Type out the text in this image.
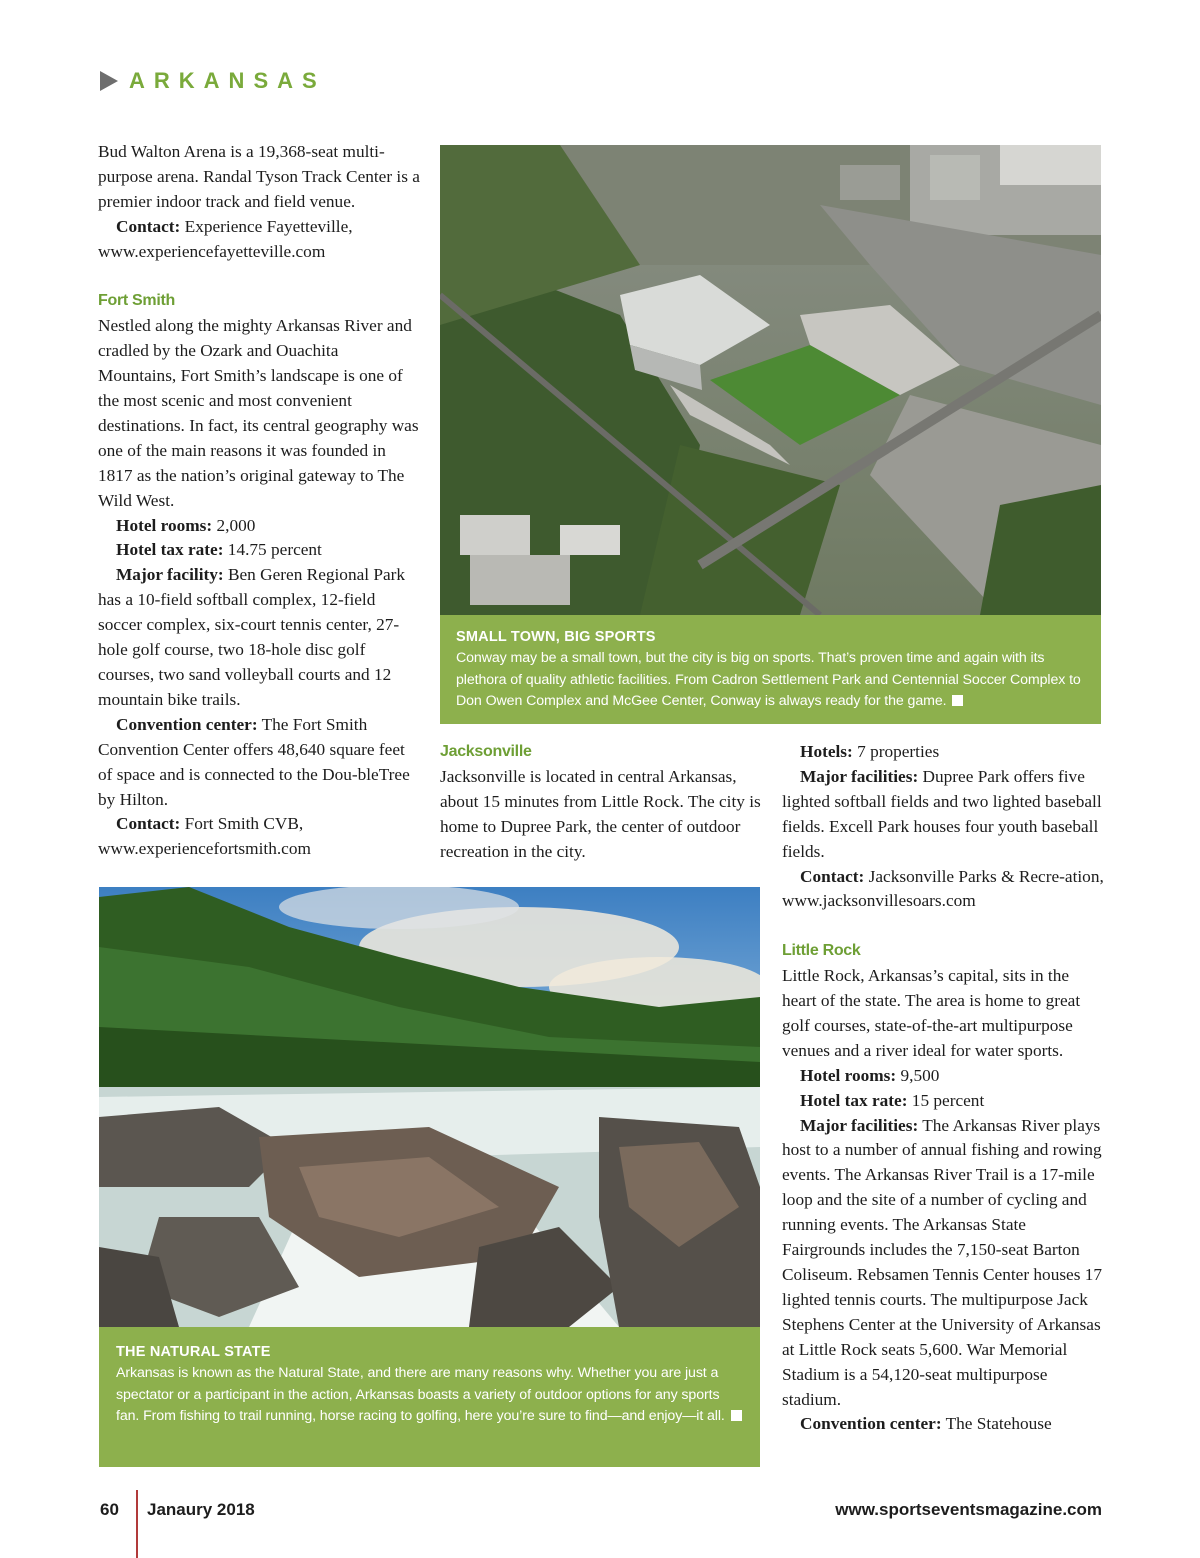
ARKANSAS

Bud Walton Arena is a 19,368-seat multi-purpose arena. Randal Tyson Track Center is a premier indoor track and field venue.

Contact: Experience Fayetteville, www.experiencefayetteville.com

Fort Smith

Nestled along the mighty Arkansas River and cradled by the Ozark and Ouachita Mountains, Fort Smith’s landscape is one of the most scenic and most convenient destinations. In fact, its central geography was one of the main reasons it was founded in 1817 as the nation’s original gateway to The Wild West.

Hotel rooms: 2,000

Hotel tax rate: 14.75 percent

Major facility: Ben Geren Regional Park has a 10-field softball complex, 12-field soccer complex, six-court tennis center, 27-hole golf course, two 18-hole disc golf courses, two sand volleyball courts and 12 mountain bike trails.

Convention center: The Fort Smith Convention Center offers 48,640 square feet of space and is connected to the Dou-bleTree by Hilton.

Contact: Fort Smith CVB, www.experiencefortsmith.com

SMALL TOWN, BIG SPORTS
Conway may be a small town, but the city is big on sports. That’s proven time and again with its plethora of quality athletic facilities. From Cadron Settlement Park and Centennial Soccer Complex to Don Owen Complex and McGee Center, Conway is always ready for the game.
Jacksonville

Jacksonville is located in central Arkansas, about 15 minutes from Little Rock. The city is home to Dupree Park, the center of outdoor recreation in the city.

Hotels: 7 properties

Major facilities: Dupree Park offers five lighted softball fields and two lighted baseball fields. Excell Park houses four youth baseball fields.

Contact: Jacksonville Parks & Recre-ation, www.jacksonvillesoars.com

Little Rock

Little Rock, Arkansas’s capital, sits in the heart of the state. The area is home to great golf courses, state-of-the-art multipurpose venues and a river ideal for water sports.

Hotel rooms: 9,500

Hotel tax rate: 15 percent

Major facilities: The Arkansas River plays host to a number of annual fishing and rowing events. The Arkansas River Trail is a 17-mile loop and the site of a number of cycling and running events. The Arkansas State Fairgrounds includes the 7,150-seat Barton Coliseum. Rebsamen Tennis Center houses 17 lighted tennis courts. The multipurpose Jack Stephens Center at the University of Arkansas at Little Rock seats 5,600. War Memorial Stadium is a 54,120-seat multipurpose stadium.

Convention center: The Statehouse

THE NATURAL STATE
Arkansas is known as the Natural State, and there are many reasons why. Whether you are just a spectator or a participant in the action, Arkansas boasts a variety of outdoor options for any sports fan. From fishing to trail running, horse racing to golfing, here you’re sure to find—and enjoy—it all.
60 Janaury 2018	www.sportseventsmagazine.com
